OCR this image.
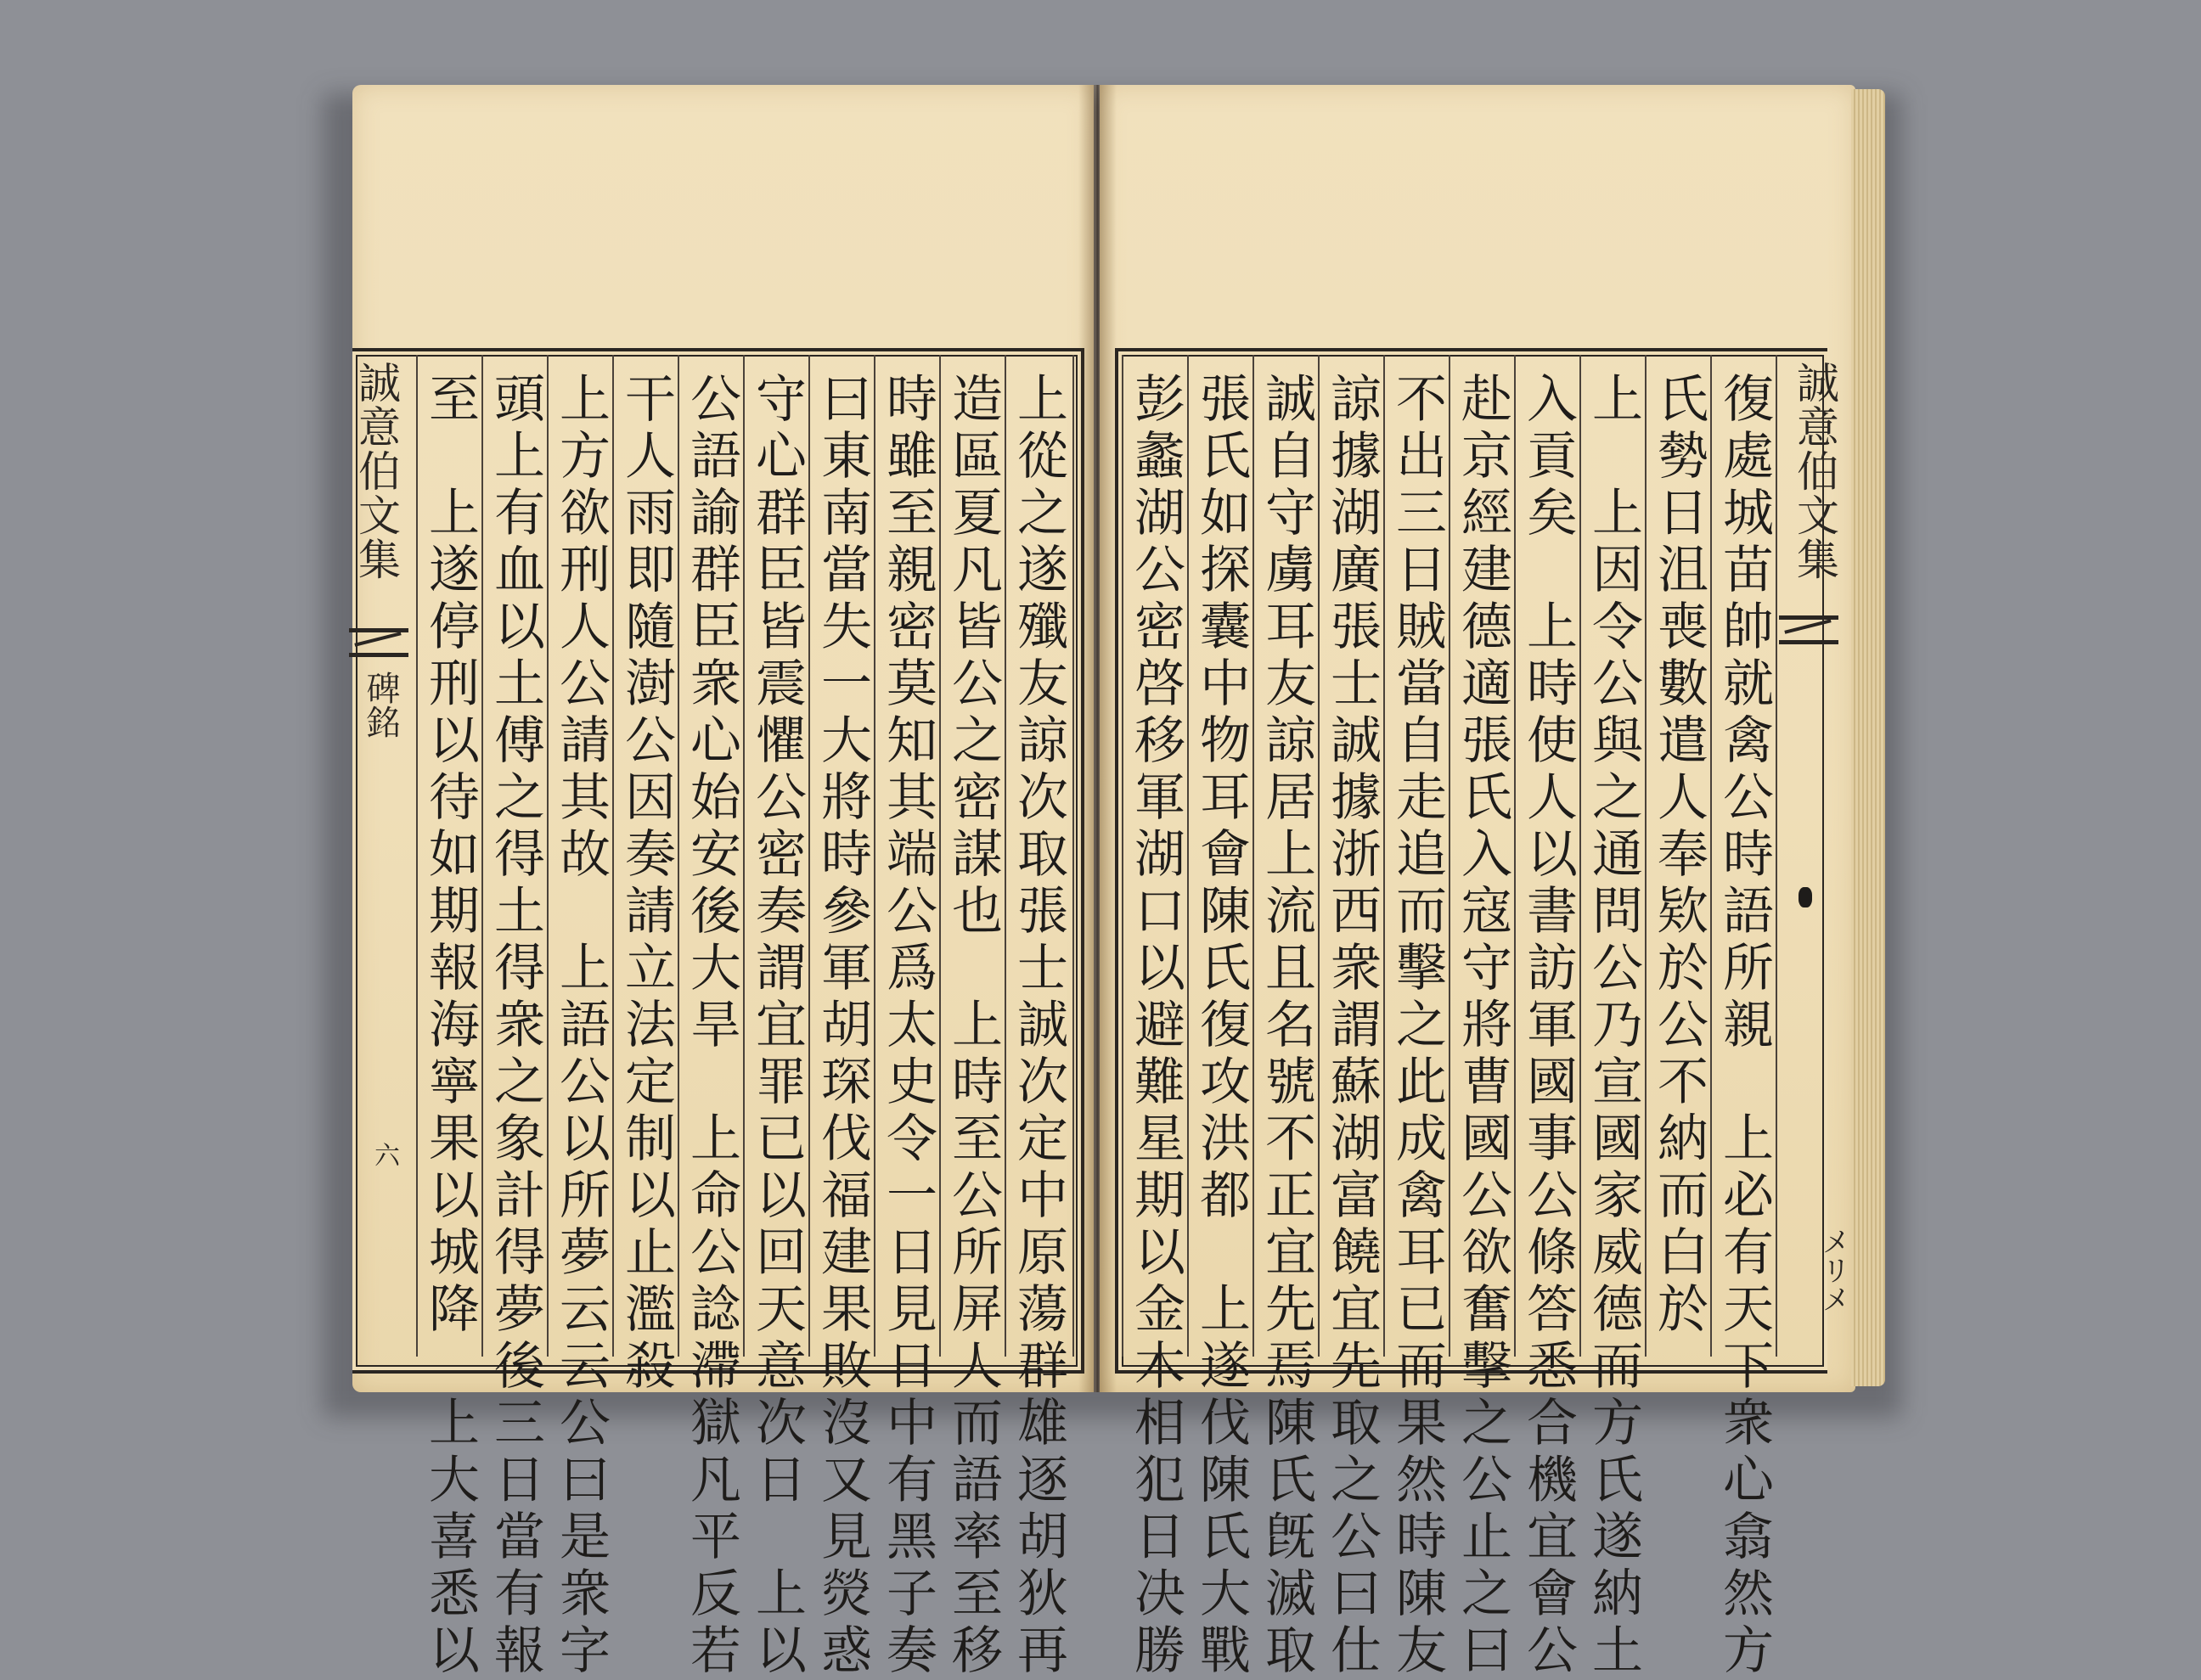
誠意伯文集
碑銘
六	上從之遂殲友諒次取張士誠次定中原蕩群雄逐胡狄再
造區夏凡皆公之密謀也　上時至公所屏人而語率至移
時雖至親密莫知其端公爲太史令一日見日中有黑子奏
曰東南當失一大將時參軍胡琛伐福建果敗沒又見熒惑
守心群臣皆震懼公密奏謂宜罪已以回天意次日　上以
公語諭群臣衆心始安後大旱　上命公諗滯獄凡平反若
干人雨即隨澍公因奏請立法定制以止濫殺
上方欲刑人公請其故　上語公以所夢云云公曰是衆字
頭上有血以土傅之得土得衆之象計得夢後三日當有報
至　上遂停刑以待如期報海寧果以城降　上大喜悉以	復處城苗帥就禽公時語所親　上必有天下衆心翕然方
氏勢日沮喪數遣人奉欵於公不納而白於
上　上因令公與之通問公乃宣國家威德而方氏遂納土
入貢矣　上時使人以書訪軍國事公條答悉合機宜會公
赴京經建德適張氏入寇守將曹國公欲奮擊之公止之曰
不出三日賊當自走追而擊之此成禽耳已而果然時陳友
諒據湖廣張士誠據浙西衆謂蘇湖富饒宜先取之公曰仕
誠自守虜耳友諒居上流且名號不正宜先焉陳氏旣滅取
張氏如探囊中物耳會陳氏復攻洪都　上遂伐陳氏大戰
彭蠡湖公密啓移軍湖口以避難星期以金木相犯日决勝	誠意伯文集
メリメ
